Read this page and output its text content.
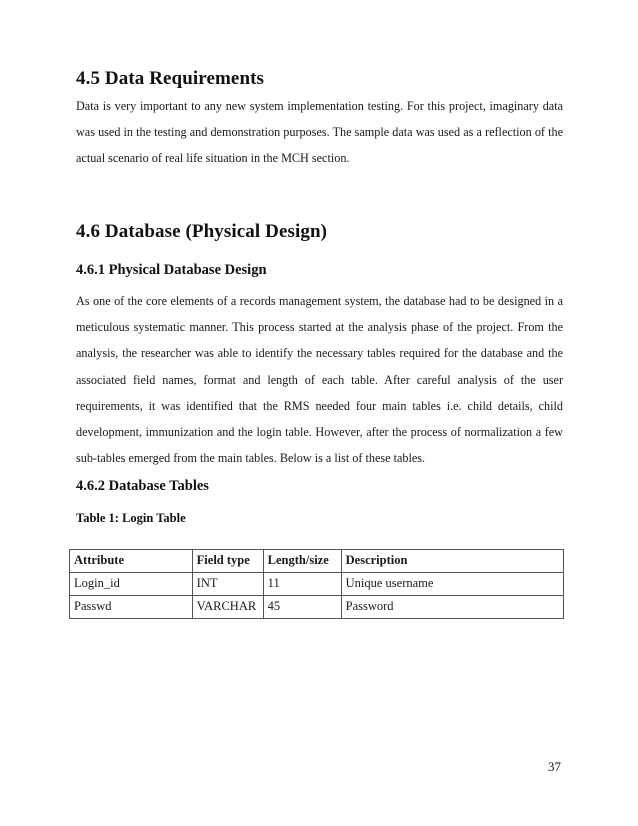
4.5 Data Requirements

Data is very important to any new system implementation testing. For this project, imaginary data was used in the testing and demonstration purposes. The sample data was used as a reflection of the actual scenario of real life situation in the MCH section.

4.6 Database (Physical Design)
4.6.1 Physical Database Design

As one of the core elements of a records management system, the database had to be designed in a meticulous systematic manner. This process started at the analysis phase of the project. From the analysis, the researcher was able to identify the necessary tables required for the database and the associated field names, format and length of each table. After careful analysis of the user requirements, it was identified that the RMS needed four main tables i.e. child details, child development, immunization and the login table. However, after the process of normalization a few sub-tables emerged from the main tables. Below is a list of these tables.

4.6.2 Database Tables

Table 1: Login Table

Attribute	Field type	Length/size	Description
Login_id	INT	11	Unique username
Passwd	VARCHAR	45	Password

37
